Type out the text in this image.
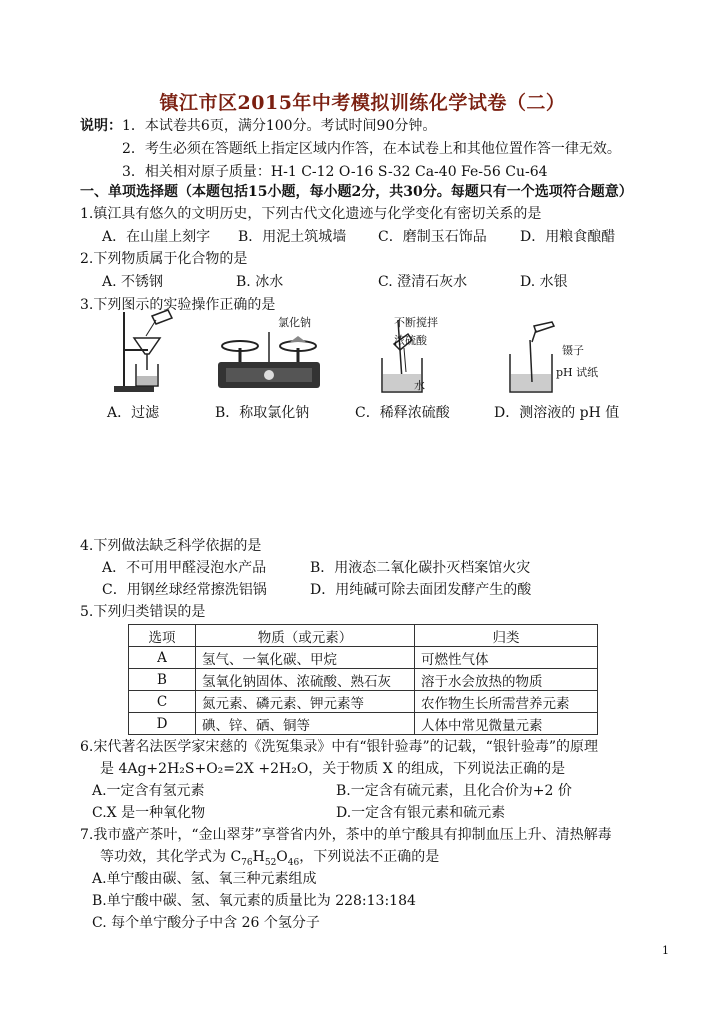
镇江市区2015年中考模拟训练化学试卷（二）
说明： 1．本试卷共6页，满分100分。考试时间90分钟。
2．考生必须在答题纸上指定区域内作答，在本试卷上和其他位置作答一律无效。
3．相关相对原子质量：H-1 C-12 O-16 S-32 Ca-40 Fe-56 Cu-64
一、单项选择题（本题包括15小题，每小题2分，共30分。每题只有一个选项符合题意）
1.镇江具有悠久的文明历史，下列古代文化遗迹与化学变化有密切关系的是
A．在山崖上刻字 B．用泥土筑城墙 C．磨制玉石饰品 D．用粮食酿醋
2.下列物质属于化合物的是
A. 不锈钢	B. 冰水	C. 澄清石灰水	D. 水银
3.下列图示的实验操作正确的是
A．过滤
氯化钠
B．称取氯化钠
不断搅拌
浓硫酸
水
C．稀释浓硫酸
镊子
pH 试纸
D．测溶液的 pH 值
4.下列做法缺乏科学依据的是
A．不可用甲醛浸泡水产品	B．用液态二氧化碳扑灭档案馆火灾
C．用钢丝球经常擦洗铝锅	D．用纯碱可除去面团发酵产生的酸
5.下列归类错误的是
选项	物质（或元素）	归类
A	氢气、一氧化碳、甲烷	可燃性气体
B	氢氧化钠固体、浓硫酸、熟石灰	溶于水会放热的物质
C	氮元素、磷元素、钾元素等	农作物生长所需营养元素
D	碘、锌、硒、铜等	人体中常见微量元素
6.宋代著名法医学家宋慈的《洗冤集录》中有“银针验毒”的记载，“银针验毒”的原理
是 4Ag+2H₂S+O₂=2X +2H₂O，关于物质 X 的组成，下列说法正确的是
A.一定含有氢元素	B.一定含有硫元素，且化合价为+2 价
C.X 是一种氧化物	D.一定含有银元素和硫元素
7.我市盛产茶叶，“金山翠芽”享誉省内外，茶中的单宁酸具有抑制血压上升、清热解毒
等功效，其化学式为 $C_{76}H_{52}O_{46}$，下列说法不正确的是
A.单宁酸由碳、氢、氧三种元素组成
B.单宁酸中碳、氢、氧元素的质量比为 228:13:184
C. 每个单宁酸分子中含 26 个氢分子
1
